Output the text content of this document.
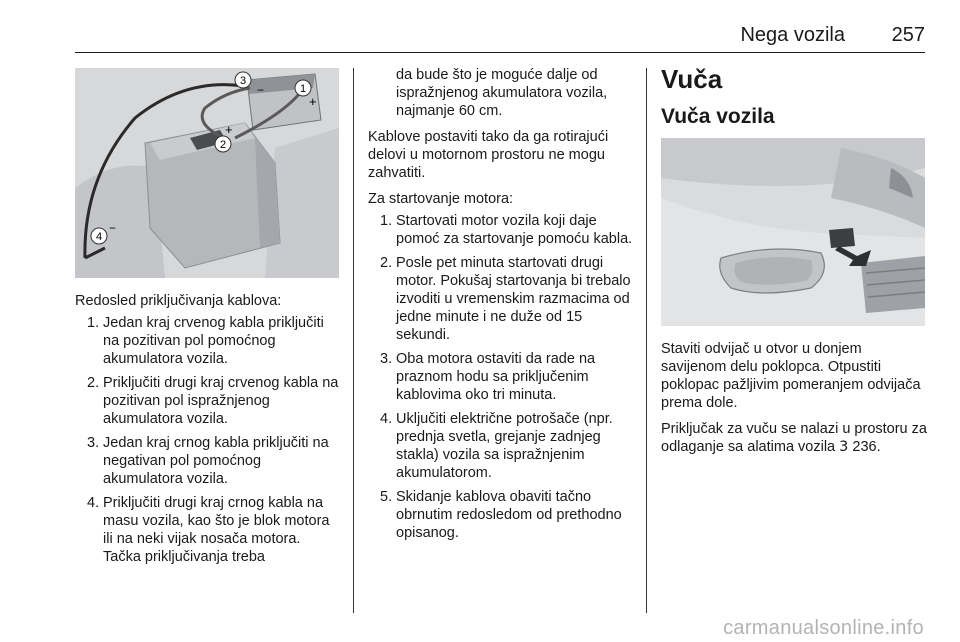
Nega vozila 257
3
−	1
+
2
+
4
−

Redosled priključivanja kablova:

1. Jedan kraj crvenog kabla priključiti na pozitivan pol pomoćnog akumulatora vozila.
2. Priključiti drugi kraj crvenog kabla na pozitivan pol ispražnjenog akumulatora vozila.
3. Jedan kraj crnog kabla priključiti na negativan pol pomoćnog akumulatora vozila.
4. Priključiti drugi kraj crnog kabla na masu vozila, kao što je blok motora ili na neki vijak nosača motora. Tačka priključivanja treba
da bude što je moguće dalje od ispražnjenog akumulatora vozila, najmanje 60 cm.

Kablove postaviti tako da ga rotirajući delovi u motornom prostoru ne mogu zahvatiti.

Za startovanje motora:

1. Startovati motor vozila koji daje pomoć za startovanje pomoću kabla.
2. Posle pet minuta startovati drugi motor. Pokušaj startovanja bi trebalo izvoditi u vremenskim razmacima od jedne minute i ne duže od 15 sekundi.
3. Oba motora ostaviti da rade na praznom hodu sa priključenim kablovima oko tri minuta.
4. Uključiti električne potrošače (npr. prednja svetla, grejanje zadnjeg stakla) vozila sa ispražnjenim akumulatorom.
5. Skidanje kablova obaviti tačno obrnutim redosledom od prethodno opisanog.
Vuča
Vuča vozila

Staviti odvijač u otvor u donjem savijenom delu poklopca. Otpustiti poklopac pažljivim pomeranjem odvijača prema dole.

Priključak za vuču se nalazi u prostoru za odlaganje sa alatima vozila 3 236.

carmanualsonline.info
